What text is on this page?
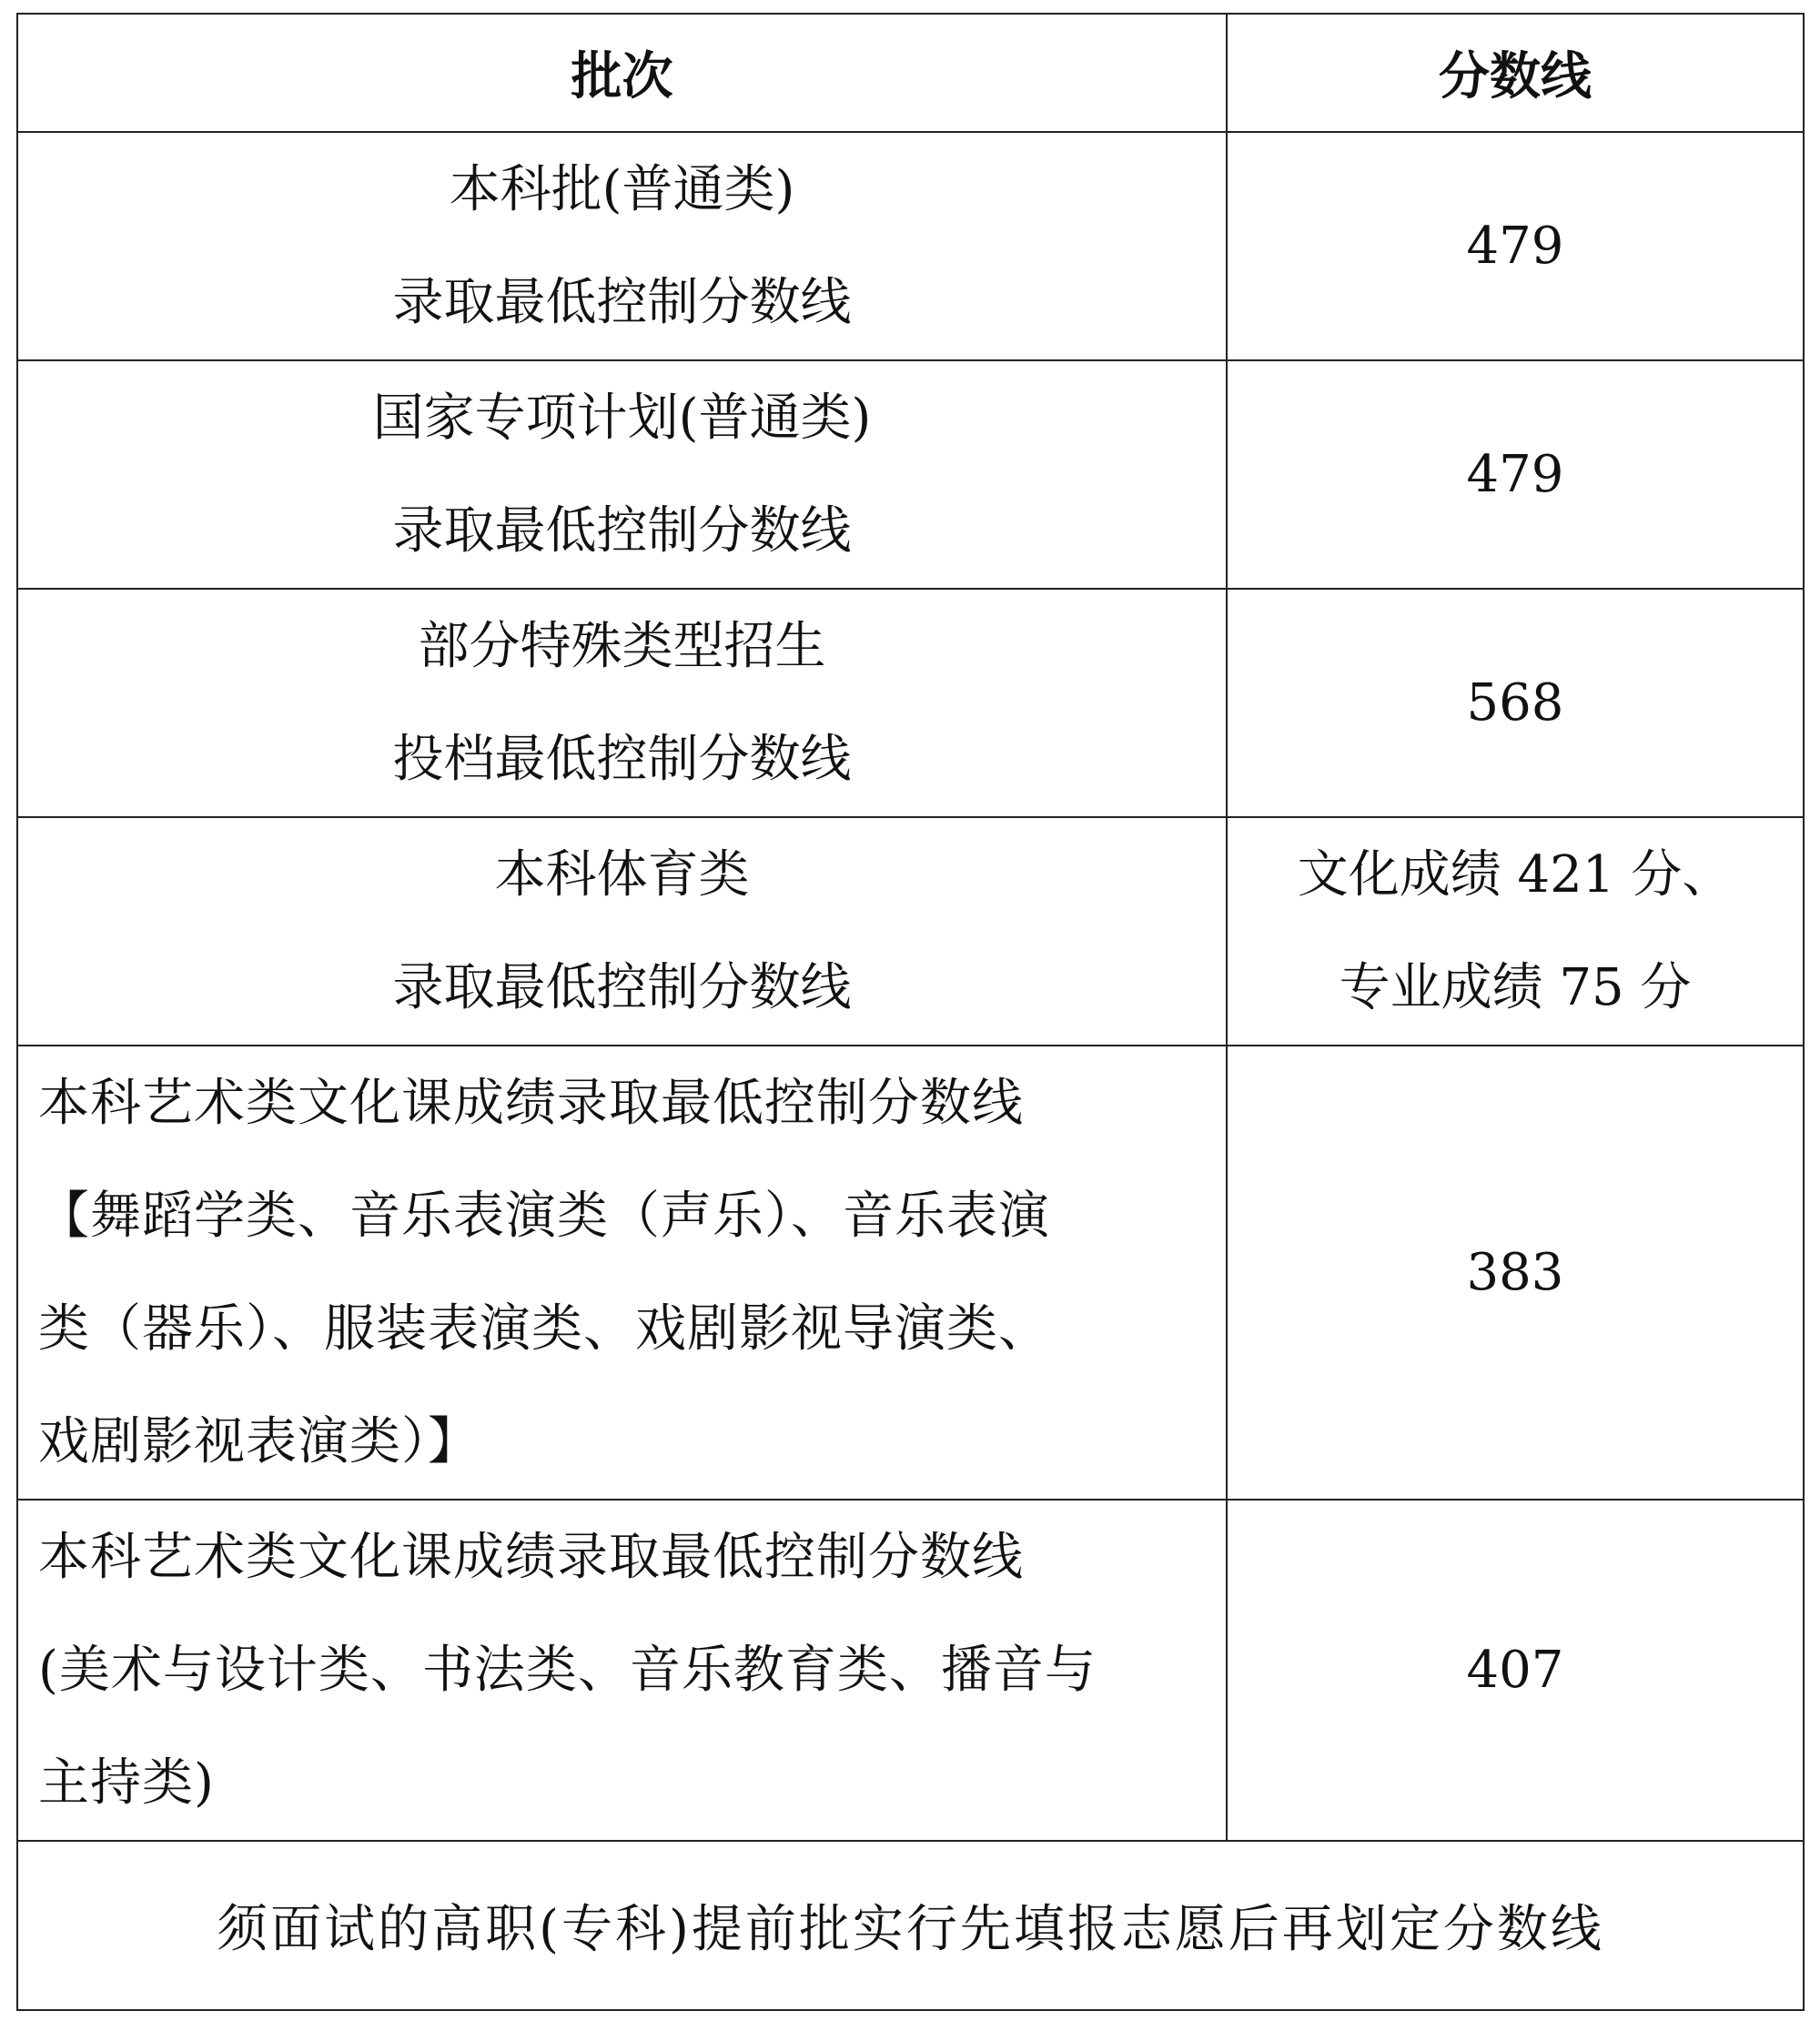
批次	分数线

本科批(普通类)
录取最低控制分数线	479

国家专项计划(普通类)
录取最低控制分数线	479

部分特殊类型招生
投档最低控制分数线	568

本科体育类
录取最低控制分数线	文化成绩 421 分、
专业成绩 75 分

本科艺术类文化课成绩录取最低控制分数线
【舞蹈学类、音乐表演类（声乐）、音乐表演
类（器乐）、服装表演类、戏剧影视导演类、
戏剧影视表演类）】	383

本科艺术类文化课成绩录取最低控制分数线
(美术与设计类、书法类、音乐教育类、播音与
主持类)	407

须面试的高职(专科)提前批实行先填报志愿后再划定分数线	
